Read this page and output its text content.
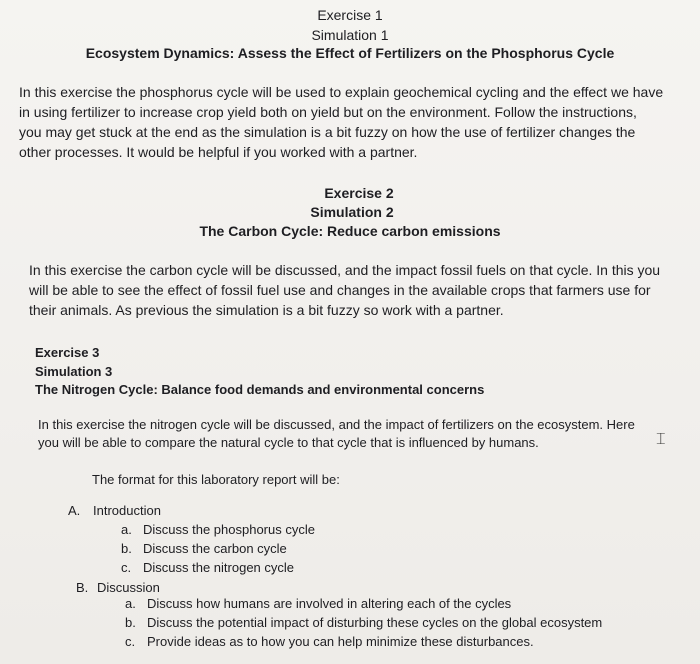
Exercise 1
Simulation 1
Ecosystem Dynamics: Assess the Effect of Fertilizers on the Phosphorus Cycle
In this exercise the phosphorus cycle will be used to explain geochemical cycling and the effect we have
in using fertilizer to increase crop yield both on yield but on the environment. Follow the instructions,
you may get stuck at the end as the simulation is a bit fuzzy on how the use of fertilizer changes the
other processes. It would be helpful if you worked with a partner.
Exercise 2
Simulation 2
The Carbon Cycle: Reduce carbon emissions
In this exercise the carbon cycle will be discussed, and the impact fossil fuels on that cycle. In this you
will be able to see the effect of fossil fuel use and changes in the available crops that farmers use for
their animals. As previous the simulation is a bit fuzzy so work with a partner.
Exercise 3
Simulation 3
The Nitrogen Cycle: Balance food demands and environmental concerns
In this exercise the nitrogen cycle will be discussed, and the impact of fertilizers on the ecosystem. Here
you will be able to compare the natural cycle to that cycle that is influenced by humans.	⌶
The format for this laboratory report will be:
A. Introduction
a. Discuss the phosphorus cycle
b. Discuss the carbon cycle
c. Discuss the nitrogen cycle
B. Discussion
a. Discuss how humans are involved in altering each of the cycles
b. Discuss the potential impact of disturbing these cycles on the global ecosystem
c. Provide ideas as to how you can help minimize these disturbances.
